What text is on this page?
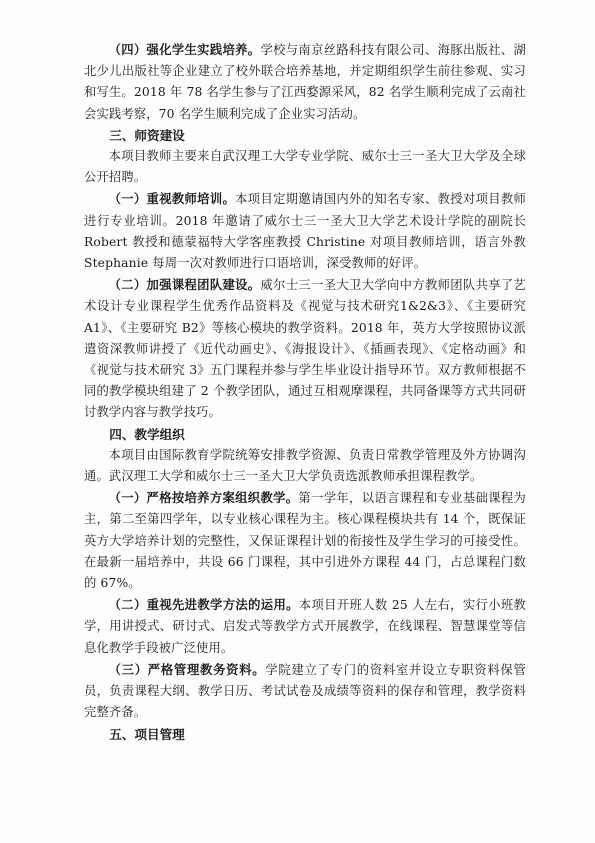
（四）强化学生实践培养。学校与南京丝路科技有限公司、海豚出版社、湖北少儿出版社等企业建立了校外联合培养基地，并定期组织学生前往参观、实习和写生。2018 年 78 名学生参与了江西婺源采风，82 名学生顺利完成了云南社会实践考察，70 名学生顺利完成了企业实习活动。

三、师资建设

本项目教师主要来自武汉理工大学专业学院、威尔士三一圣大卫大学及全球公开招聘。

（一）重视教师培训。本项目定期邀请国内外的知名专家、教授对项目教师进行专业培训。2018 年邀请了威尔士三一圣大卫大学艺术设计学院的副院长 Robert 教授和德蒙福特大学客座教授 Christine 对项目教师培训，语言外教 Stephanie 每周一次对教师进行口语培训，深受教师的好评。

（二）加强课程团队建设。威尔士三一圣大卫大学向中方教师团队共享了艺术设计专业课程学生优秀作品资料及《视觉与技术研究1&2&3》、《主要研究 A1》、《主要研究 B2》等核心模块的教学资料。2018 年，英方大学按照协议派遣资深教师讲授了《近代动画史》、《海报设计》、《插画表现》、《定格动画》和《视觉与技术研究 3》五门课程并参与学生毕业设计指导环节。双方教师根据不同的教学模块组建了 2 个教学团队，通过互相观摩课程，共同备课等方式共同研讨教学内容与教学技巧。

四、教学组织

本项目由国际教育学院统筹安排教学资源、负责日常教学管理及外方协调沟通。武汉理工大学和威尔士三一圣大卫大学负责选派教师承担课程教学。

（一）严格按培养方案组织教学。第一学年，以语言课程和专业基础课程为主，第二至第四学年，以专业核心课程为主。核心课程模块共有 14 个，既保证英方大学培养计划的完整性，又保证课程计划的衔接性及学生学习的可接受性。在最新一届培养中，共设 66 门课程，其中引进外方课程 44 门，占总课程门数的 67%。

（二）重视先进教学方法的运用。本项目开班人数 25 人左右，实行小班教学，用讲授式、研讨式、启发式等教学方式开展教学，在线课程、智慧课堂等信息化教学手段被广泛使用。

（三）严格管理教务资料。学院建立了专门的资料室并设立专职资料保管员，负责课程大纲、教学日历、考试试卷及成绩等资料的保存和管理，教学资料完整齐备。

五、项目管理
